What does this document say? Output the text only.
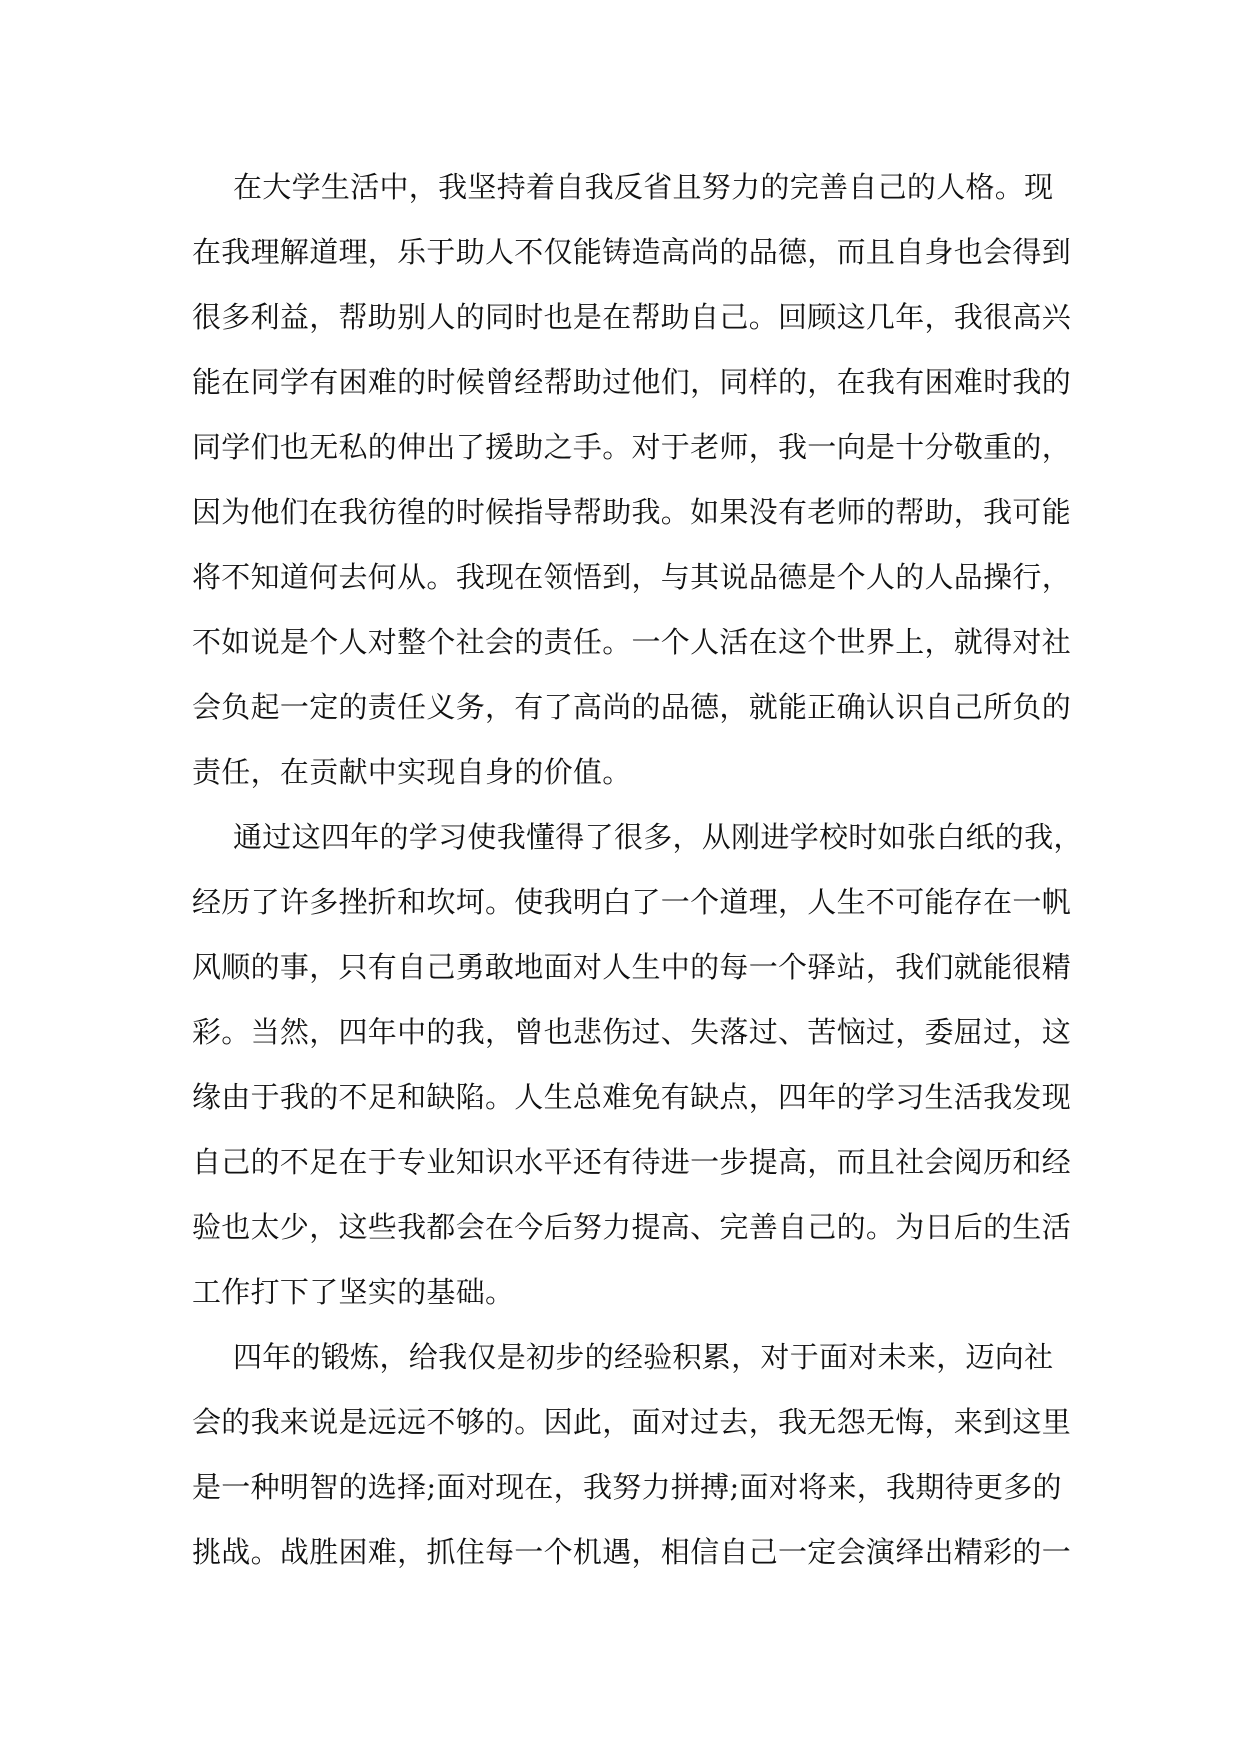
在大学生活中，我坚持着自我反省且努力的完善自己的人格。现
在我理解道理，乐于助人不仅能铸造高尚的品德，而且自身也会得到
很多利益，帮助别人的同时也是在帮助自己。回顾这几年，我很高兴
能在同学有困难的时候曾经帮助过他们，同样的，在我有困难时我的
同学们也无私的伸出了援助之手。对于老师，我一向是十分敬重的，
因为他们在我彷徨的时候指导帮助我。如果没有老师的帮助，我可能
将不知道何去何从。我现在领悟到，与其说品德是个人的人品操行，
不如说是个人对整个社会的责任。一个人活在这个世界上，就得对社
会负起一定的责任义务，有了高尚的品德，就能正确认识自己所负的
责任，在贡献中实现自身的价值。
通过这四年的学习使我懂得了很多，从刚进学校时如张白纸的我，
经历了许多挫折和坎坷。使我明白了一个道理，人生不可能存在一帆
风顺的事，只有自己勇敢地面对人生中的每一个驿站，我们就能很精
彩。当然，四年中的我，曾也悲伤过、失落过、苦恼过，委屈过，这
缘由于我的不足和缺陷。人生总难免有缺点，四年的学习生活我发现
自己的不足在于专业知识水平还有待进一步提高，而且社会阅历和经
验也太少，这些我都会在今后努力提高、完善自己的。为日后的生活
工作打下了坚实的基础。
四年的锻炼，给我仅是初步的经验积累，对于面对未来，迈向社
会的我来说是远远不够的。因此，面对过去，我无怨无悔，来到这里
是一种明智的选择;面对现在，我努力拼搏;面对将来，我期待更多的
挑战。战胜困难，抓住每一个机遇，相信自己一定会演绎出精彩的一
